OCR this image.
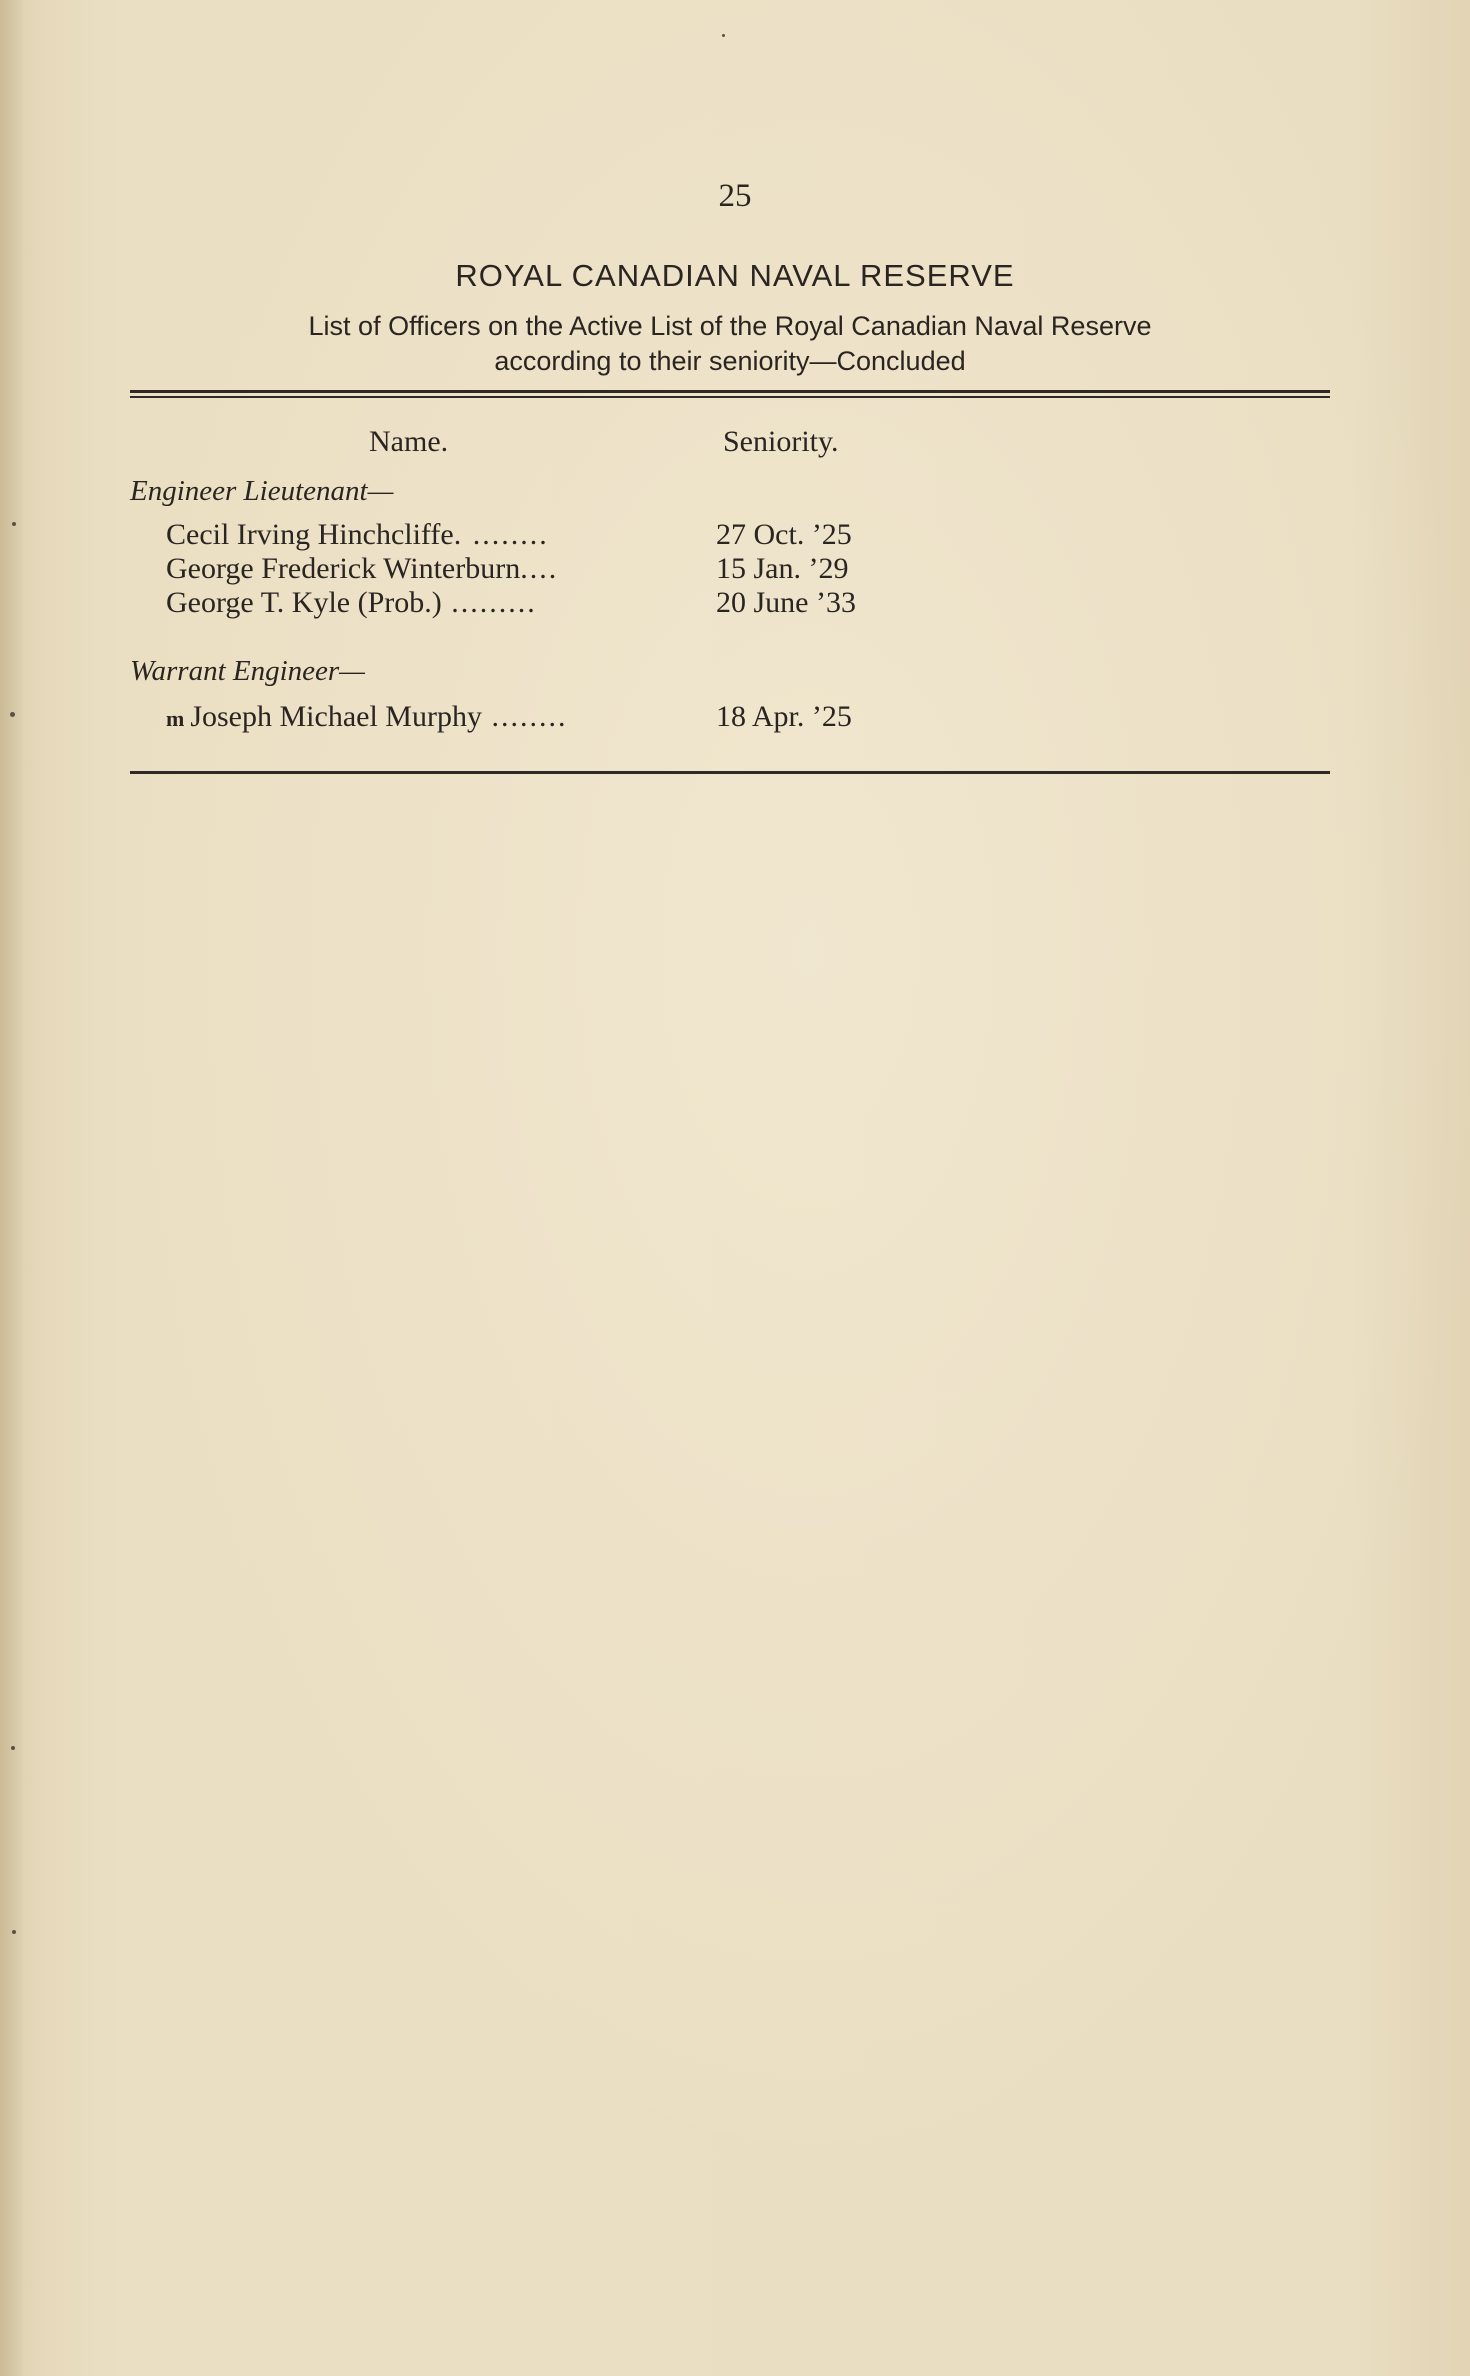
25
ROYAL CANADIAN NAVAL RESERVE
List of Officers on the Active List of the Royal Canadian Naval Reserve
according to their seniority—Concluded
Name.	Seniority.
Engineer Lieutenant—
Cecil Irving Hinchcliffe. ........	27 Oct. ’25
George Frederick Winterburn....	15 Jan. ’29
George T. Kyle (Prob.) .........	20 June ’33
Warrant Engineer—
m Joseph Michael Murphy ........	18 Apr. ’25
